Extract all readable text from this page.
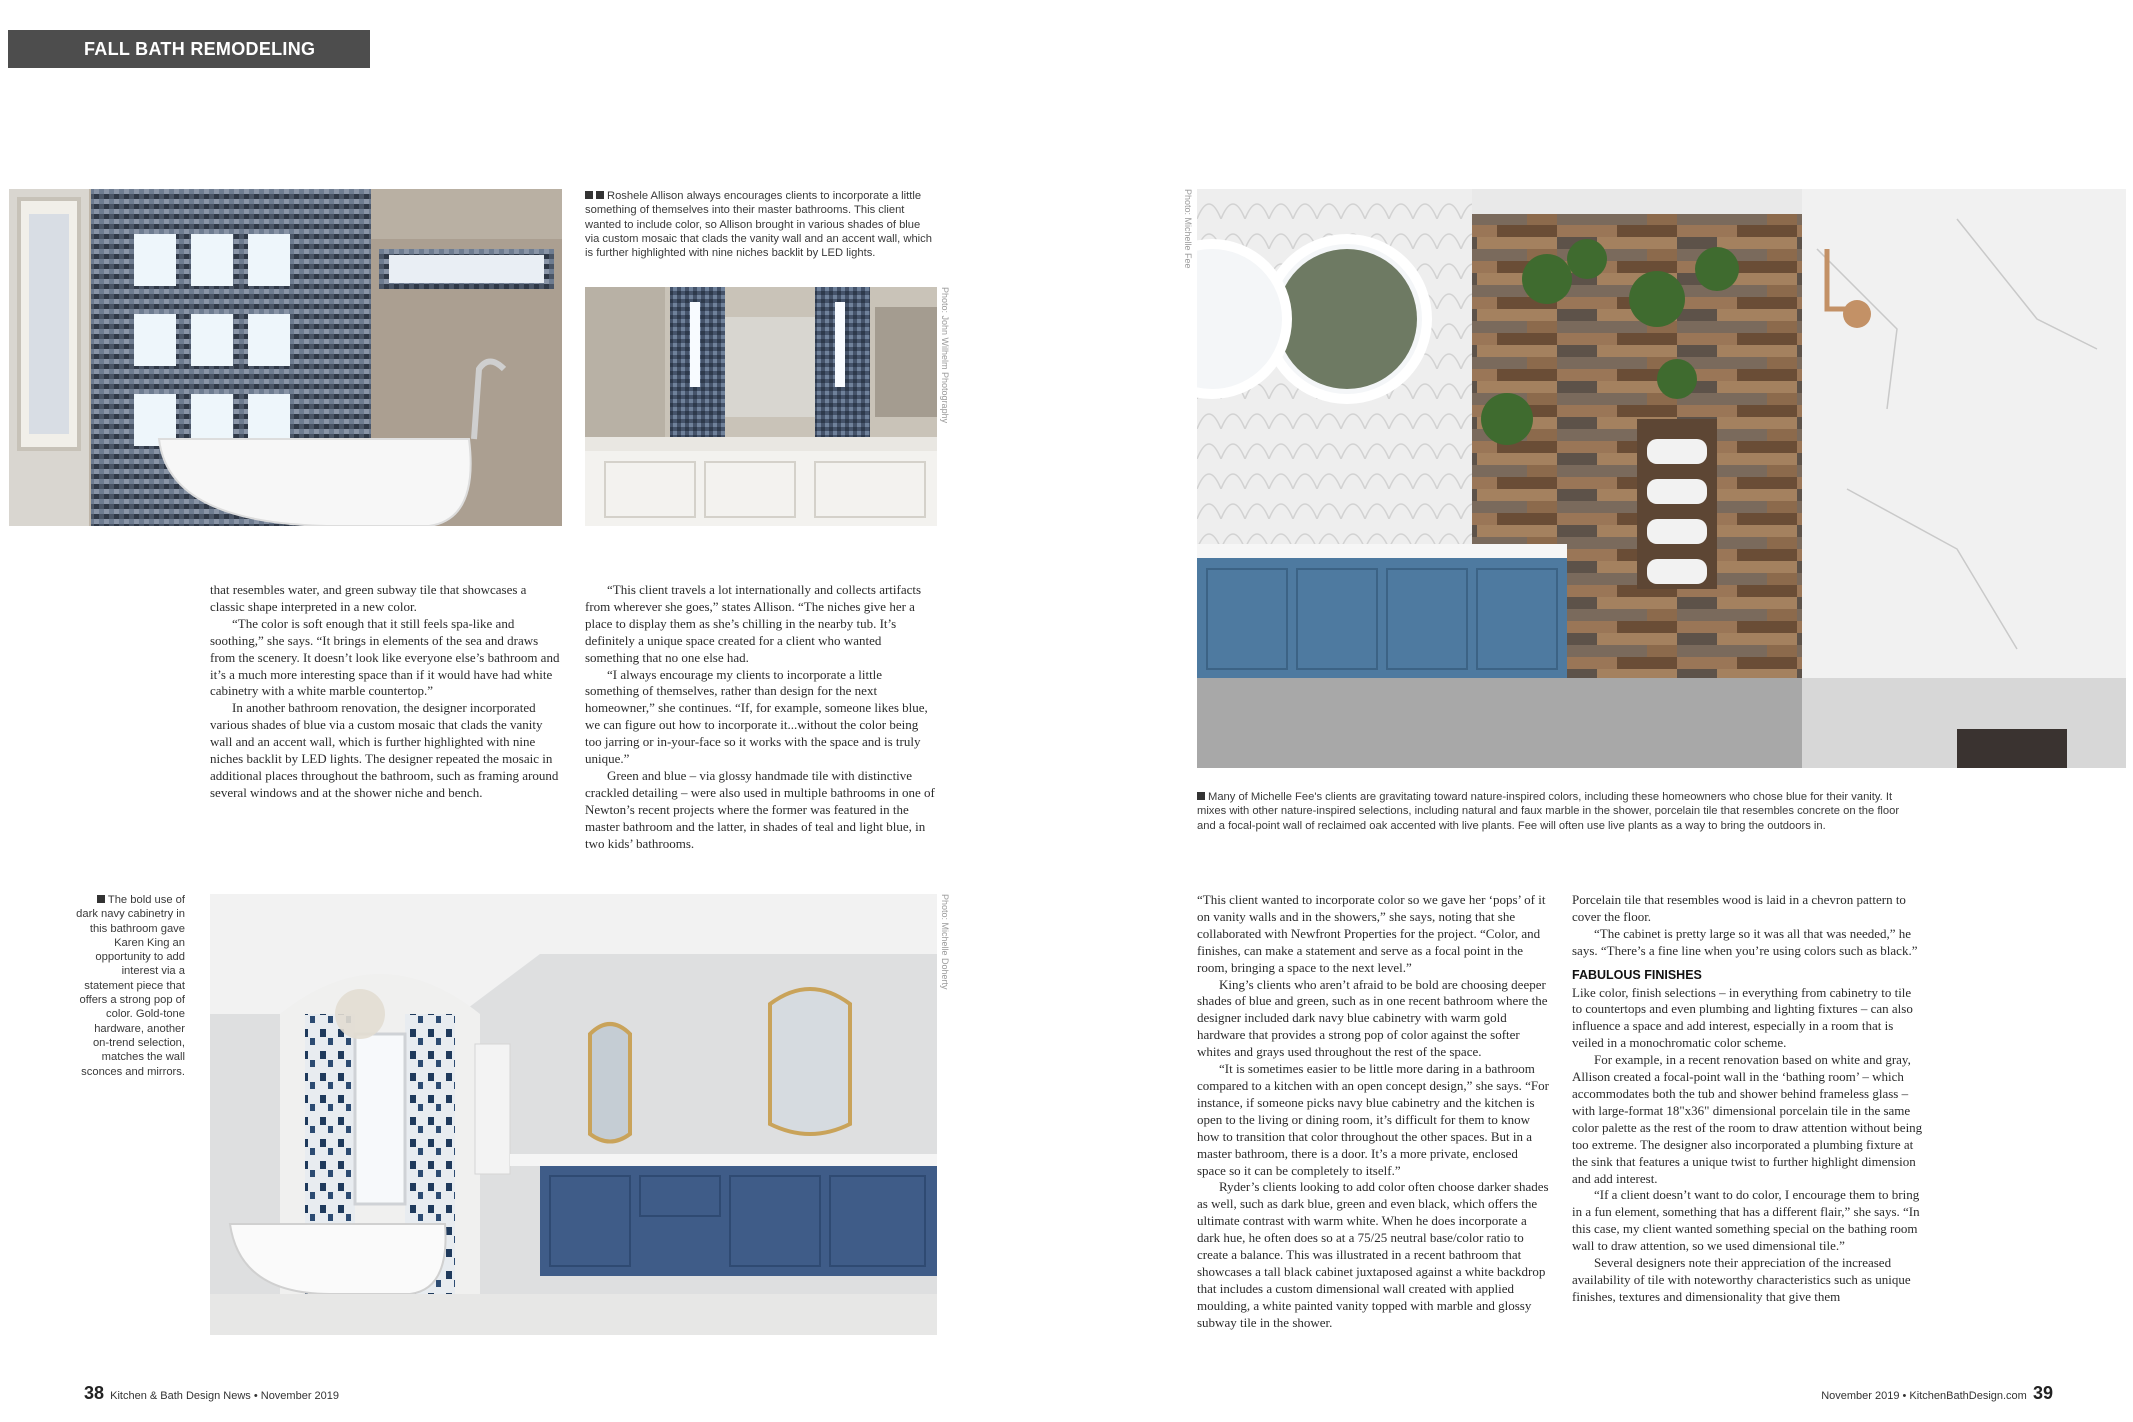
FALL BATH REMODELING REPORT
Roshele Allison always encourages clients to incorporate a little something of themselves into their master bathrooms. This client wanted to include color, so Allison brought in various shades of blue via custom mosaic that clads the vanity wall and an accent wall, which is further highlighted with nine niches backlit by LED lights.
Photo: John Wilhelm Photography
Photo: Michelle Fee
Many of Michelle Fee's clients are gravitating toward nature-inspired colors, including these homeowners who chose blue for their vanity. It mixes with other nature-inspired selections, including natural and faux marble in the shower, porcelain tile that resembles concrete on the floor and a focal-point wall of reclaimed oak accented with live plants. Fee will often use live plants as a way to bring the outdoors in.

that resembles water, and green subway tile that showcases a classic shape interpreted in a new color.

“The color is soft enough that it still feels spa-like and soothing,” she says. “It brings in elements of the sea and draws from the scenery. It doesn’t look like everyone else’s bathroom and it’s a much more interesting space than if it would have had white cabinetry with a white marble countertop.”

In another bathroom renovation, the designer incorporated various shades of blue via a custom mosaic that clads the vanity wall and an accent wall, which is further highlighted with nine niches backlit by LED lights. The designer repeated the mosaic in additional places throughout the bathroom, such as framing around several windows and at the shower niche and bench.

“This client travels a lot internationally and collects artifacts from wherever she goes,” states Allison. “The niches give her a place to display them as she’s chilling in the nearby tub. It’s definitely a unique space created for a client who wanted something that no one else had.

“I always encourage my clients to incorporate a little something of themselves, rather than design for the next homeowner,” she continues. “If, for example, someone likes blue, we can figure out how to incorporate it...without the color being too jarring or in-your-face so it works with the space and is truly unique.”

Green and blue – via glossy handmade tile with distinctive crackled detailing – were also used in multiple bathrooms in one of Newton’s recent projects where the former was featured in the master bathroom and the latter, in shades of teal and light blue, in two kids’ bathrooms.

The bold use of dark navy cabinetry in this bathroom gave Karen King an opportunity to add interest via a statement piece that offers a strong pop of color. Gold-tone hardware, another on-trend selection, matches the wall sconces and mirrors.
Photo: Michelle Doherty	“This client wanted to incorporate color so we gave her ‘pops’ of it on vanity walls and in the showers,” she says, noting that she collaborated with Newfront Properties for the project. “Color, and finishes, can make a statement and serve as a focal point in the room, bringing a space to the next level.”

King’s clients who aren’t afraid to be bold are choosing deeper shades of blue and green, such as in one recent bathroom where the designer included dark navy blue cabinetry with warm gold hardware that provides a strong pop of color against the softer whites and grays used throughout the rest of the space.

“It is sometimes easier to be little more daring in a bathroom compared to a kitchen with an open concept design,” she says. “For instance, if someone picks navy blue cabinetry and the kitchen is open to the living or dining room, it’s difficult for them to know how to transition that color throughout the other spaces. But in a master bathroom, there is a door. It’s a more private, enclosed space so it can be completely to itself.”

Ryder’s clients looking to add color often choose darker shades as well, such as dark blue, green and even black, which offers the ultimate contrast with warm white. When he does incorporate a dark hue, he often does so at a 75/25 neutral base/color ratio to create a balance. This was illustrated in a recent bathroom that showcases a tall black cabinet juxtaposed against a white backdrop that includes a custom dimensional wall created with applied moulding, a white painted vanity topped with marble and glossy subway tile in the shower.

Porcelain tile that resembles wood is laid in a chevron pattern to cover the floor.

“The cabinet is pretty large so it was all that was needed,” he says. “There’s a fine line when you’re using colors such as black.”

FABULOUS FINISHES

Like color, finish selections – in everything from cabinetry to tile to countertops and even plumbing and lighting fixtures – can also influence a space and add interest, especially in a room that is veiled in a monochromatic color scheme.

For example, in a recent renovation based on white and gray, Allison created a focal-point wall in the ‘bathing room’ – which accommodates both the tub and shower behind frameless glass – with large-format 18"x36" dimensional porcelain tile in the same color palette as the rest of the room to draw attention without being too extreme. The designer also incorporated a plumbing fixture at the sink that features a unique twist to further highlight dimension and add interest.

“If a client doesn’t want to do color, I encourage them to bring in a fun element, something that has a different flair,” she says. “In this case, my client wanted something special on the bathing room wall to draw attention, so we used dimensional tile.”

Several designers note their appreciation of the increased availability of tile with noteworthy characteristics such as unique finishes, textures and dimensionality that give them

38 Kitchen & Bath Design News • November 2019	November 2019 • KitchenBathDesign.com 39
